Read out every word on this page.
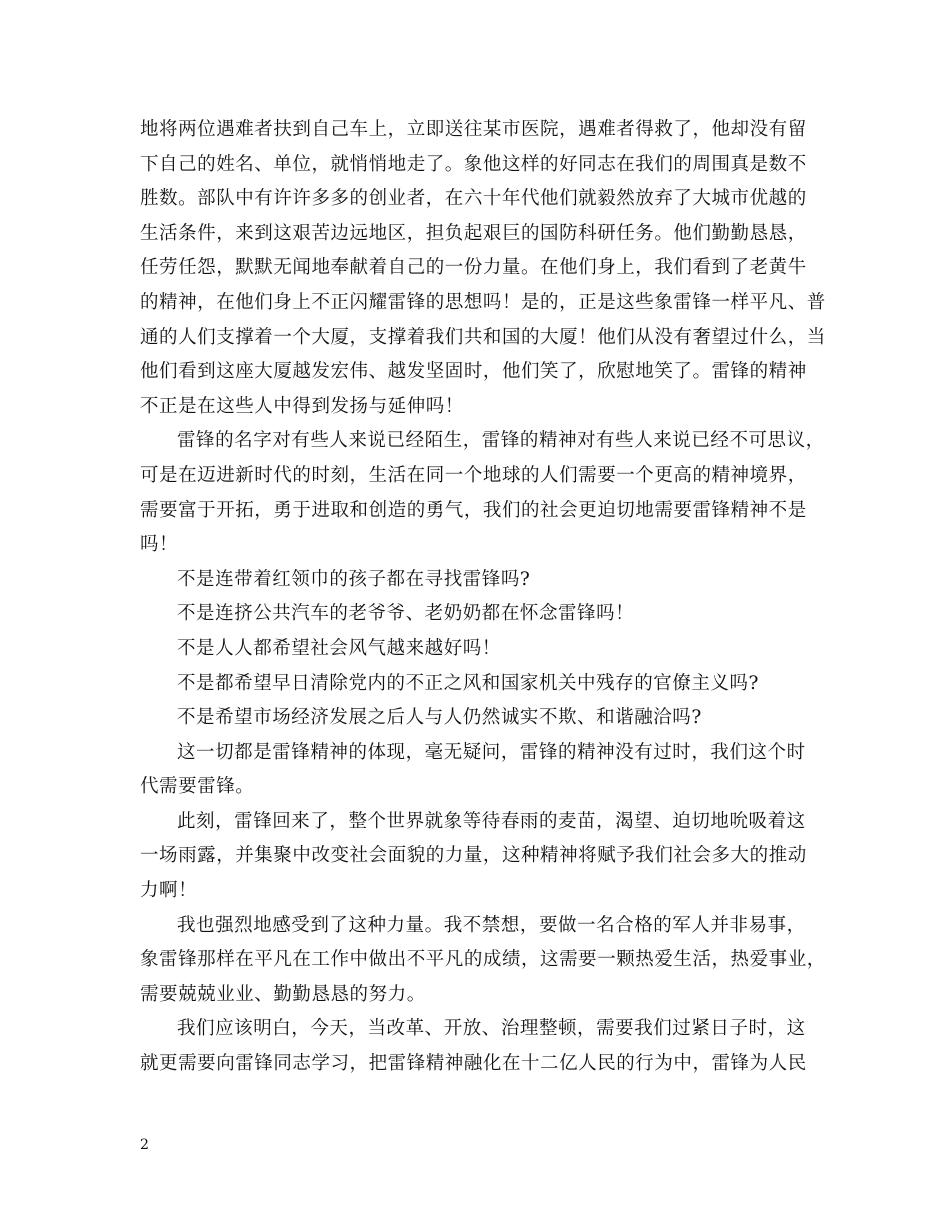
地将两位遇难者扶到自己车上，立即送往某市医院，遇难者得救了，他却没有留
下自己的姓名、单位，就悄悄地走了。象他这样的好同志在我们的周围真是数不
胜数。部队中有许许多多的创业者，在六十年代他们就毅然放弃了大城市优越的
生活条件，来到这艰苦边远地区，担负起艰巨的国防科研任务。他们勤勤恳恳，
任劳任怨，默默无闻地奉献着自己的一份力量。在他们身上，我们看到了老黄牛
的精神，在他们身上不正闪耀雷锋的思想吗！是的，正是这些象雷锋一样平凡、普
通的人们支撑着一个大厦，支撑着我们共和国的大厦！他们从没有奢望过什么，当
他们看到这座大厦越发宏伟、越发坚固时，他们笑了，欣慰地笑了。雷锋的精神
不正是在这些人中得到发扬与延伸吗！
雷锋的名字对有些人来说已经陌生，雷锋的精神对有些人来说已经不可思议，
可是在迈进新时代的时刻，生活在同一个地球的人们需要一个更高的精神境界，
需要富于开拓，勇于进取和创造的勇气，我们的社会更迫切地需要雷锋精神不是
吗！
不是连带着红领巾的孩子都在寻找雷锋吗?
不是连挤公共汽车的老爷爷、老奶奶都在怀念雷锋吗！
不是人人都希望社会风气越来越好吗！
不是都希望早日清除党内的不正之风和国家机关中残存的官僚主义吗?
不是希望市场经济发展之后人与人仍然诚实不欺、和谐融洽吗?
这一切都是雷锋精神的体现，毫无疑问，雷锋的精神没有过时，我们这个时
代需要雷锋。
此刻，雷锋回来了，整个世界就象等待春雨的麦苗，渴望、迫切地吮吸着这
一场雨露，并集聚中改变社会面貌的力量，这种精神将赋予我们社会多大的推动
力啊！
我也强烈地感受到了这种力量。我不禁想，要做一名合格的军人并非易事，
象雷锋那样在平凡在工作中做出不平凡的成绩，这需要一颗热爱生活，热爱事业，
需要兢兢业业、勤勤恳恳的努力。
我们应该明白，今天，当改革、开放、治理整顿，需要我们过紧日子时，这
就更需要向雷锋同志学习，把雷锋精神融化在十二亿人民的行为中，雷锋为人民
2
